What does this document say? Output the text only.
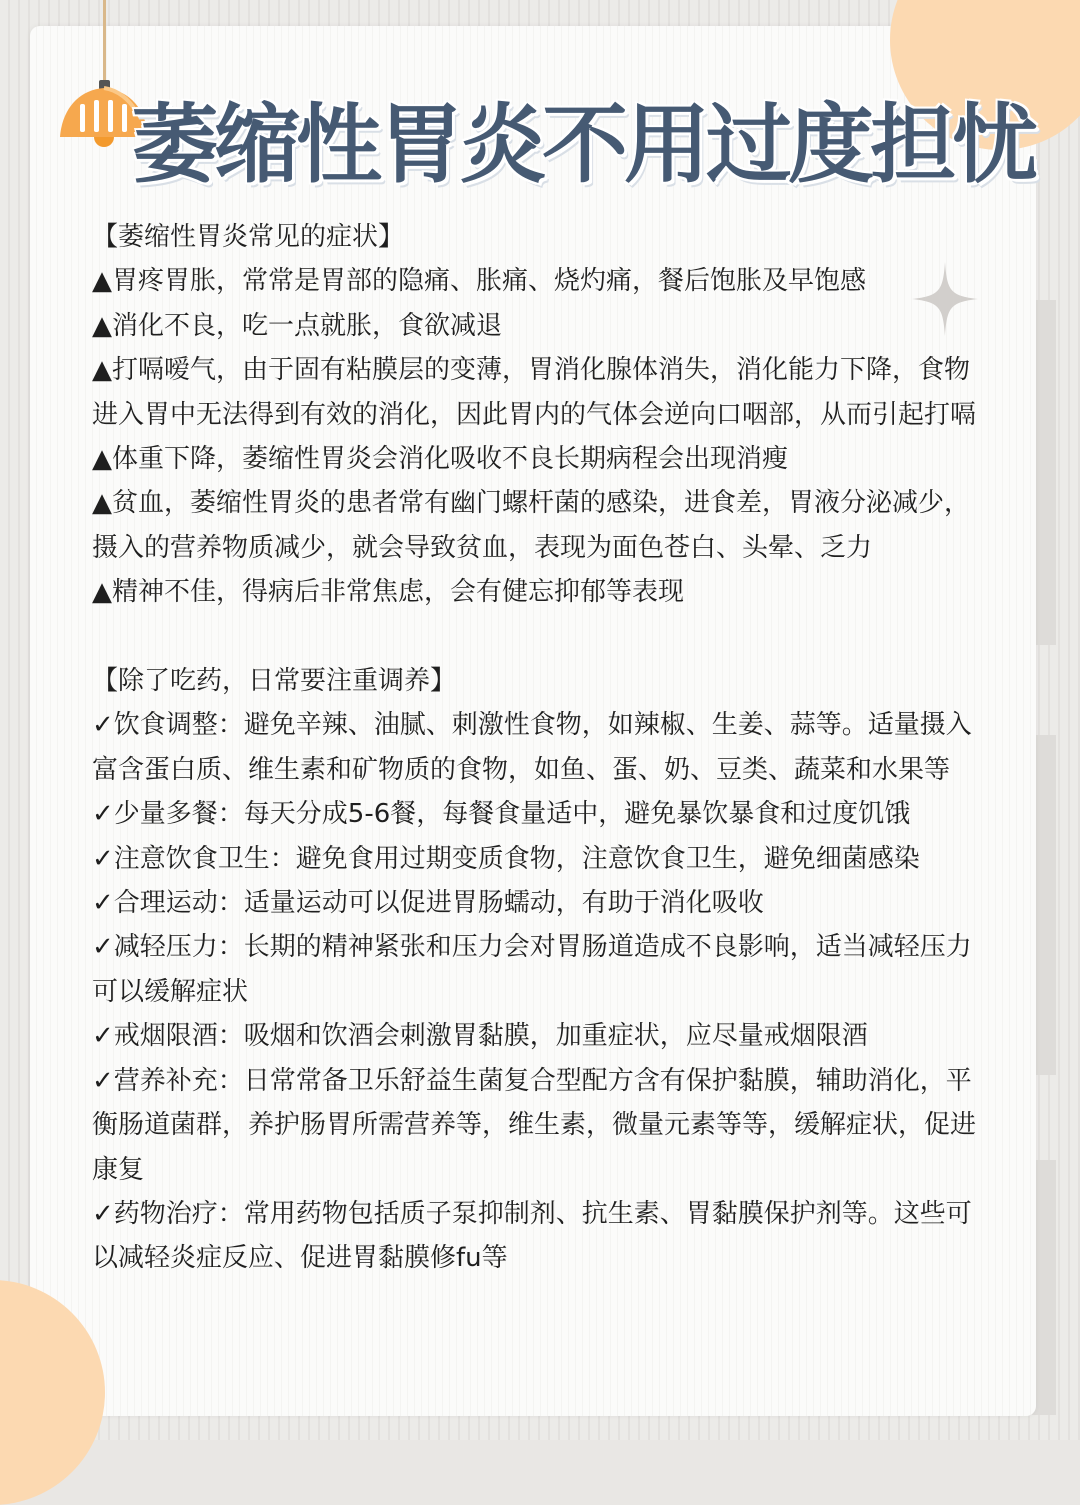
萎缩性胃炎不用过度担忧

【萎缩性胃炎常见的症状】

▲胃疼胃胀，常常是胃部的隐痛、胀痛、烧灼痛，餐后饱胀及早饱感

▲消化不良，吃一点就胀，食欲减退

▲打嗝嗳气，由于固有粘膜层的变薄，胃消化腺体消失，消化能力下降，食物进入胃中无法得到有效的消化，因此胃内的气体会逆向口咽部，从而引起打嗝

▲体重下降，萎缩性胃炎会消化吸收不良长期病程会出现消瘦

▲贫血，萎缩性胃炎的患者常有幽门螺杆菌的感染，进食差，胃液分泌减少，摄入的营养物质减少，就会导致贫血，表现为面色苍白、头晕、乏力

▲精神不佳，得病后非常焦虑，会有健忘抑郁等表现

【除了吃药，日常要注重调养】

✓饮食调整：避免辛辣、油腻、刺激性食物，如辣椒、生姜、蒜等。适量摄入富含蛋白质、维生素和矿物质的食物，如鱼、蛋、奶、豆类、蔬菜和水果等

✓少量多餐：每天分成5-6餐，每餐食量适中，避免暴饮暴食和过度饥饿

✓注意饮食卫生：避免食用过期变质食物，注意饮食卫生，避免细菌感染

✓合理运动：适量运动可以促进胃肠蠕动，有助于消化吸收

✓减轻压力：长期的精神紧张和压力会对胃肠道造成不良影响，适当减轻压力可以缓解症状

✓戒烟限酒：吸烟和饮酒会刺激胃黏膜，加重症状，应尽量戒烟限酒

✓营养补充：日常常备卫乐舒益生菌复合型配方含有保护黏膜，辅助消化，平衡肠道菌群，养护肠胃所需营养等，维生素，微量元素等等，缓解症状，促进康复

✓药物治疗：常用药物包括质子泵抑制剂、抗生素、胃黏膜保护剂等。这些可以减轻炎症反应、促进胃黏膜修fu等
